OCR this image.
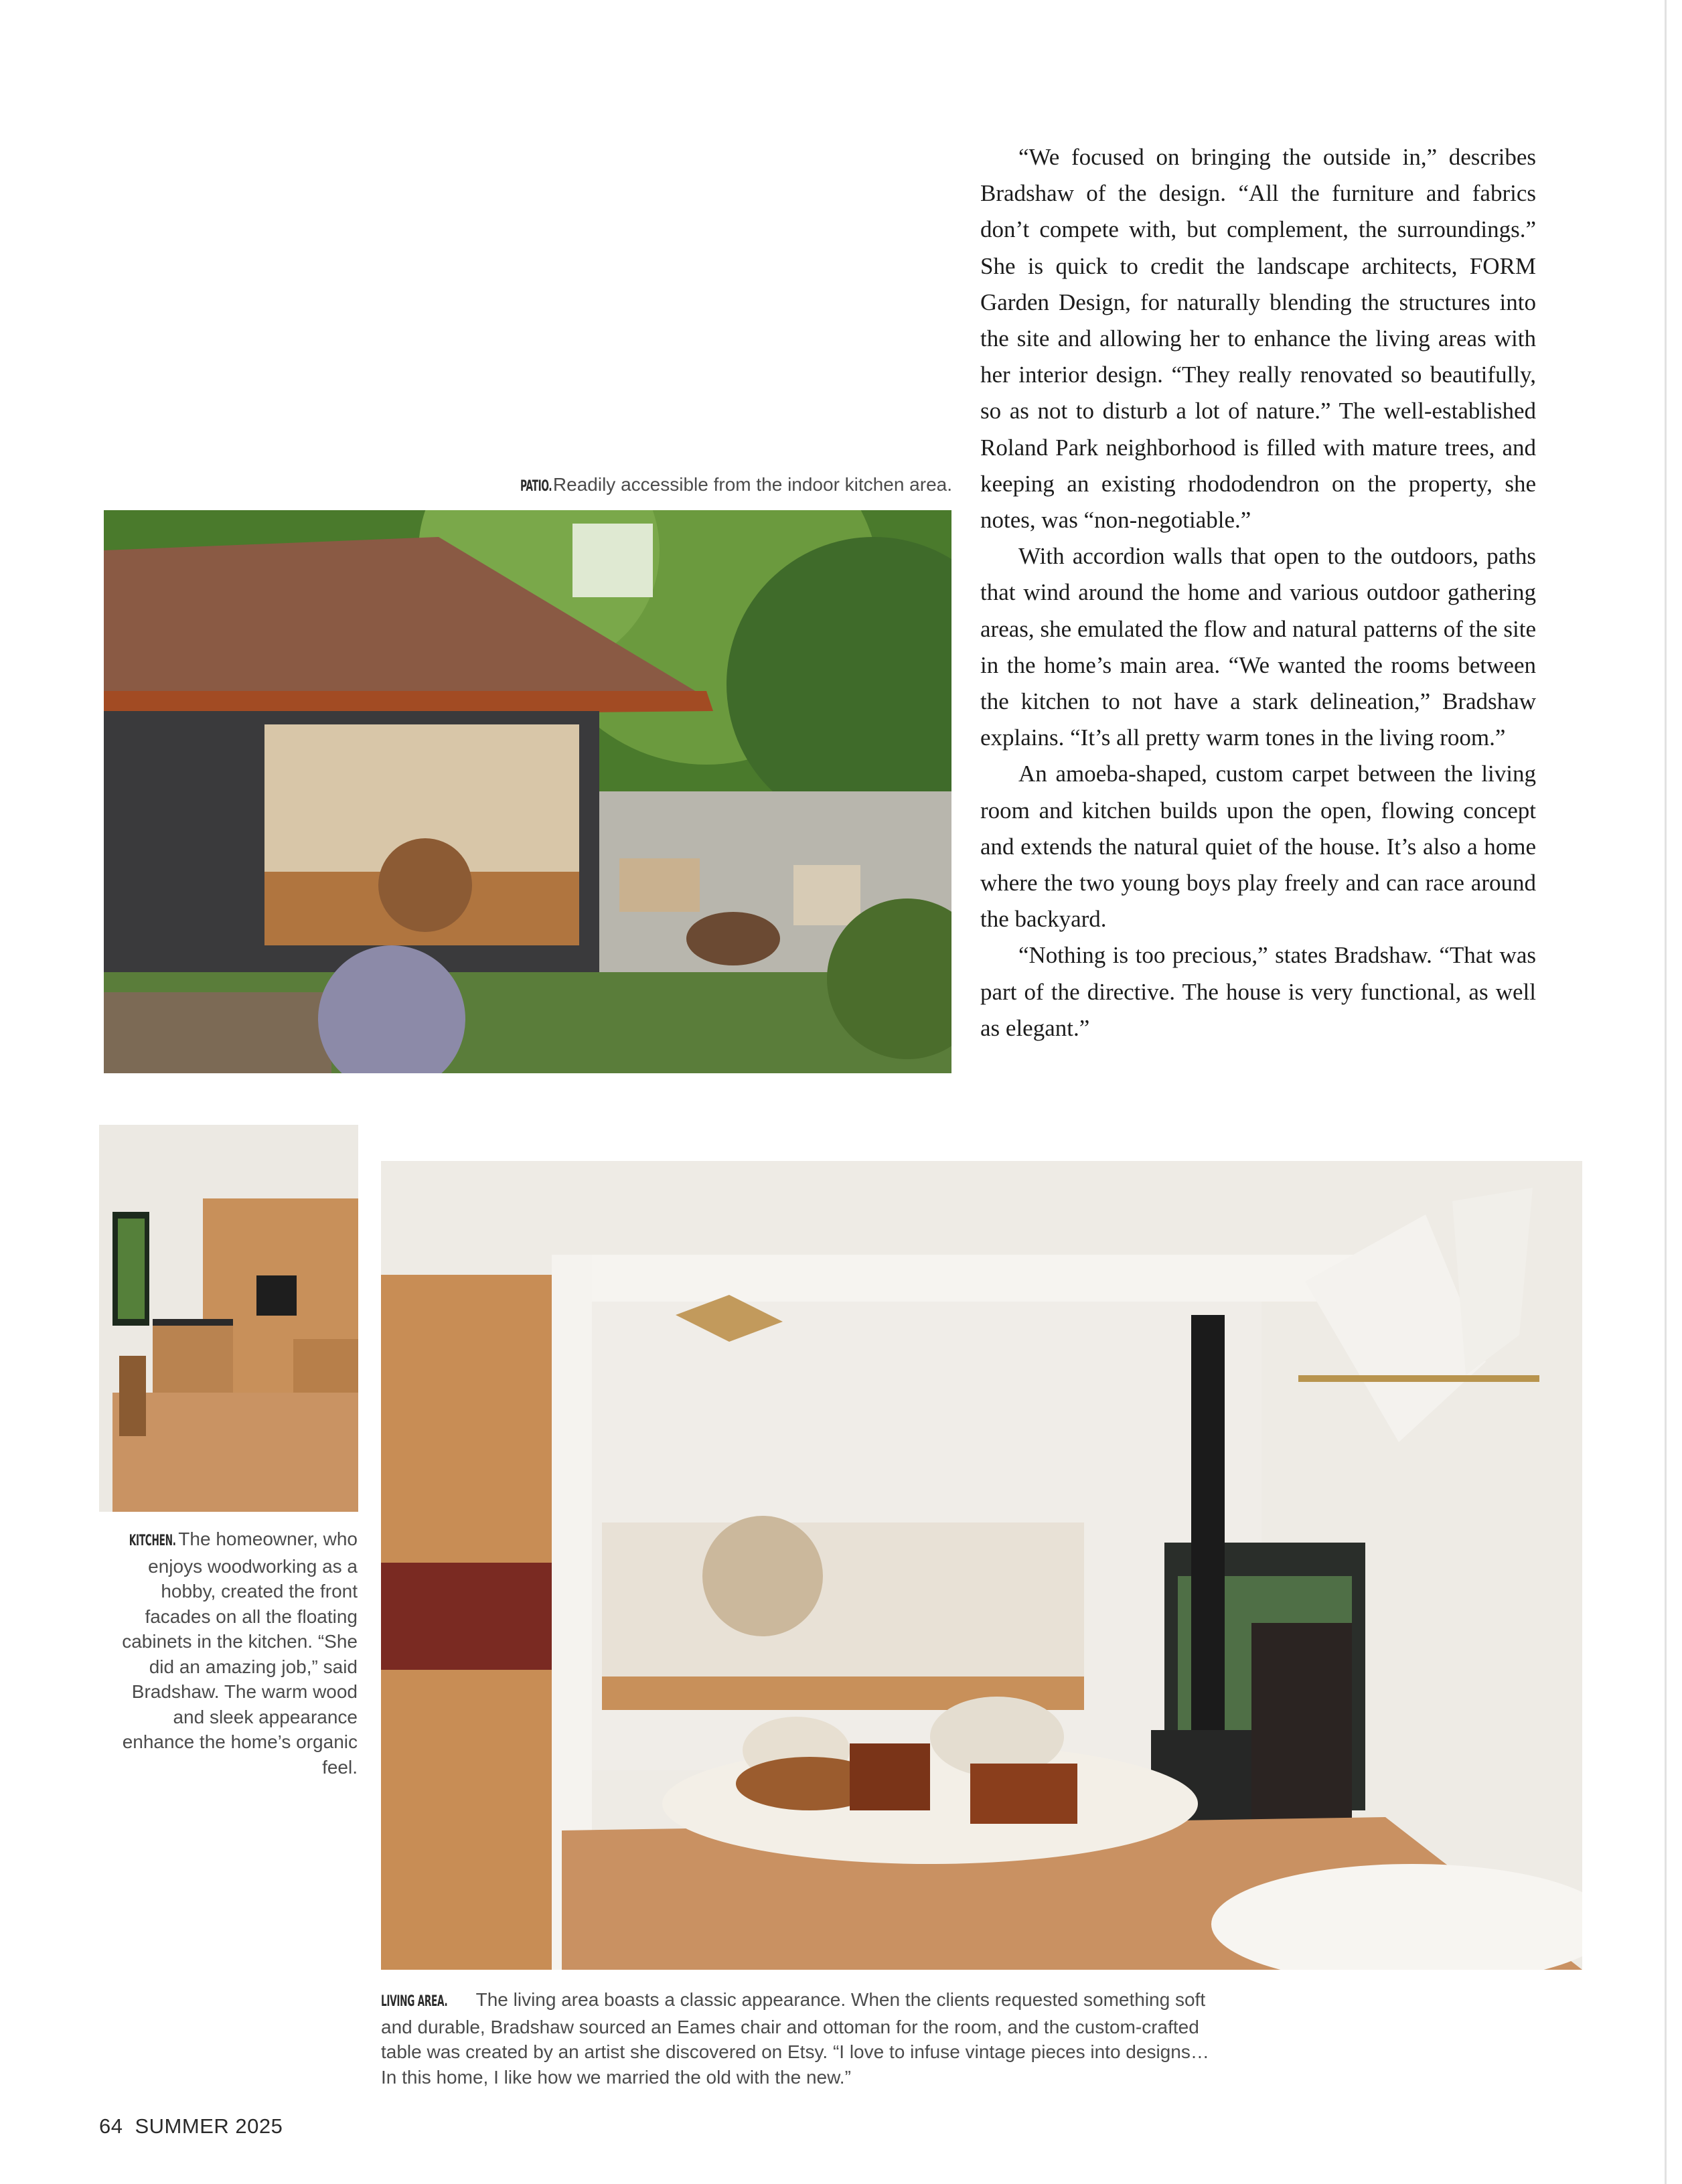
“We focused on bringing the outside in,” describes Bradshaw of the design. “All the furniture and fabrics don’t compete with, but complement, the surroundings.” She is quick to credit the landscape architects, FORM Garden Design, for naturally blending the structures into the site and allowing her to enhance the living areas with her interior design. “They really renovated so beautifully, so as not to disturb a lot of nature.” The well-established Roland Park neighborhood is filled with mature trees, and keeping an existing rhododendron on the property, she notes, was “non-negotiable.”

With accordion walls that open to the outdoors, paths that wind around the home and various outdoor gathering areas, she emulated the flow and natural patterns of the site in the home’s main area. “We wanted the rooms between the kitchen to not have a stark delineation,” Bradshaw explains. “It’s all pretty warm tones in the living room.”

An amoeba-shaped, custom carpet between the living room and kitchen builds upon the open, flowing concept and extends the natural quiet of the house. It’s also a home where the two young boys play freely and can race around the backyard.

“Nothing is too precious,” states Bradshaw. “That was part of the directive. The house is very functional, as well as elegant.”

PATIO. Readily accessible from the indoor kitchen area.
KITCHEN. The homeowner, who enjoys woodworking as a hobby, created the front facades on all the floating cabinets in the kitchen. “She did an amazing job,” said Bradshaw. The warm wood and sleek appearance enhance the home’s organic feel.
LIVING AREA. The living area boasts a classic appearance. When the clients requested something soft and durable, Bradshaw sourced an Eames chair and ottoman for the room, and the custom-crafted table was created by an artist she discovered on Etsy. “I love to infuse vintage pieces into designs… In this home, I like how we married the old with the new.”
64 SUMMER 2025
